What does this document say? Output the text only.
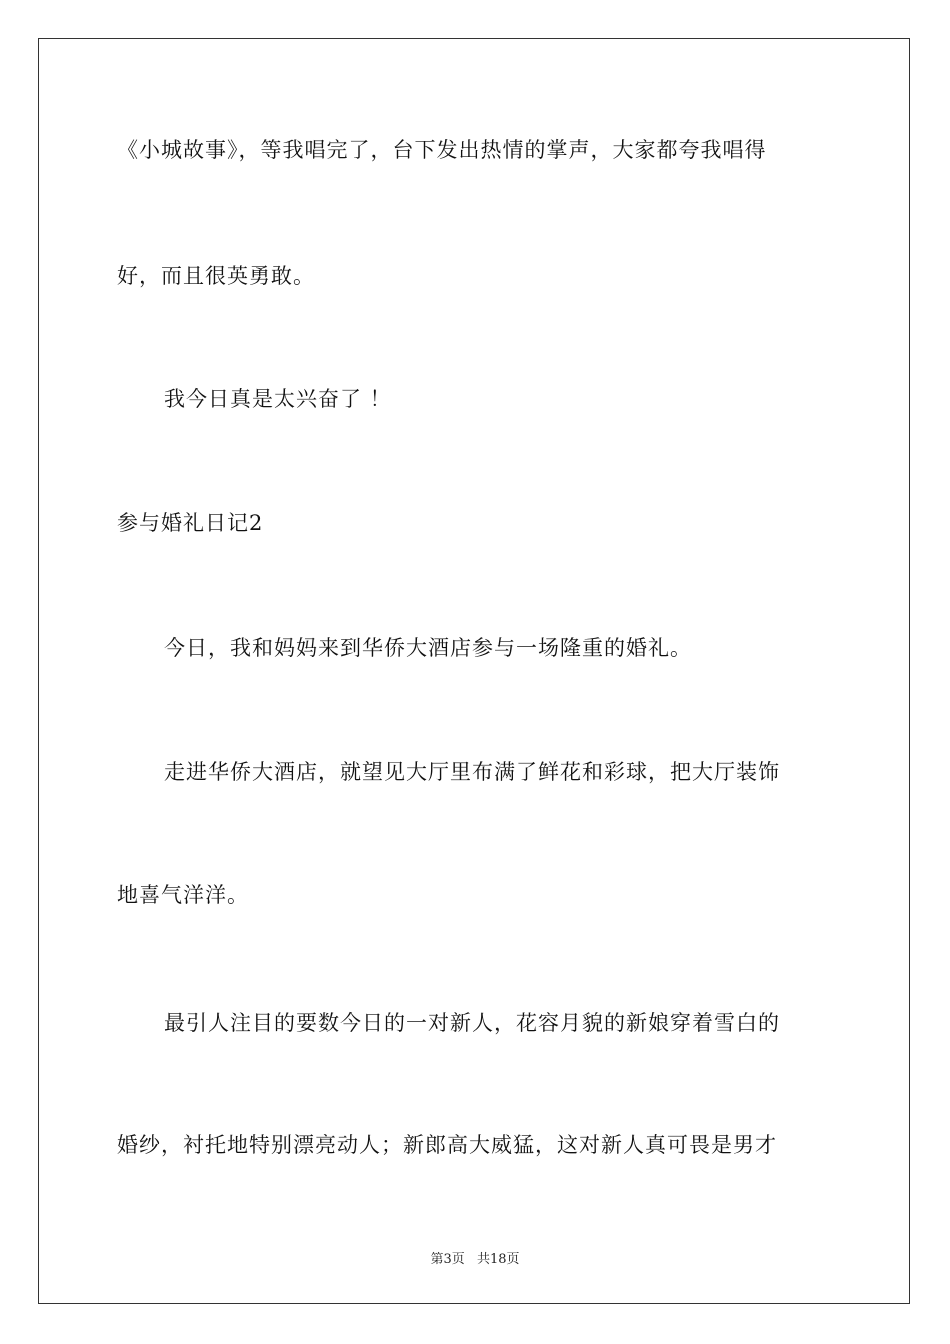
《小城故事》，等我唱完了，台下发出热情的掌声，大家都夸我唱得
好，而且很英勇敢。
我今日真是太兴奋了 ！
参与婚礼日记2
今日，我和妈妈来到华侨大酒店参与一场隆重的婚礼。
走进华侨大酒店，就望见大厅里布满了鲜花和彩球，把大厅装饰
地喜气洋洋。
最引人注目的要数今日的一对新人，花容月貌的新娘穿着雪白的
婚纱，衬托地特别漂亮动人；新郎高大威猛，这对新人真可畏是男才
第3页 共18页
